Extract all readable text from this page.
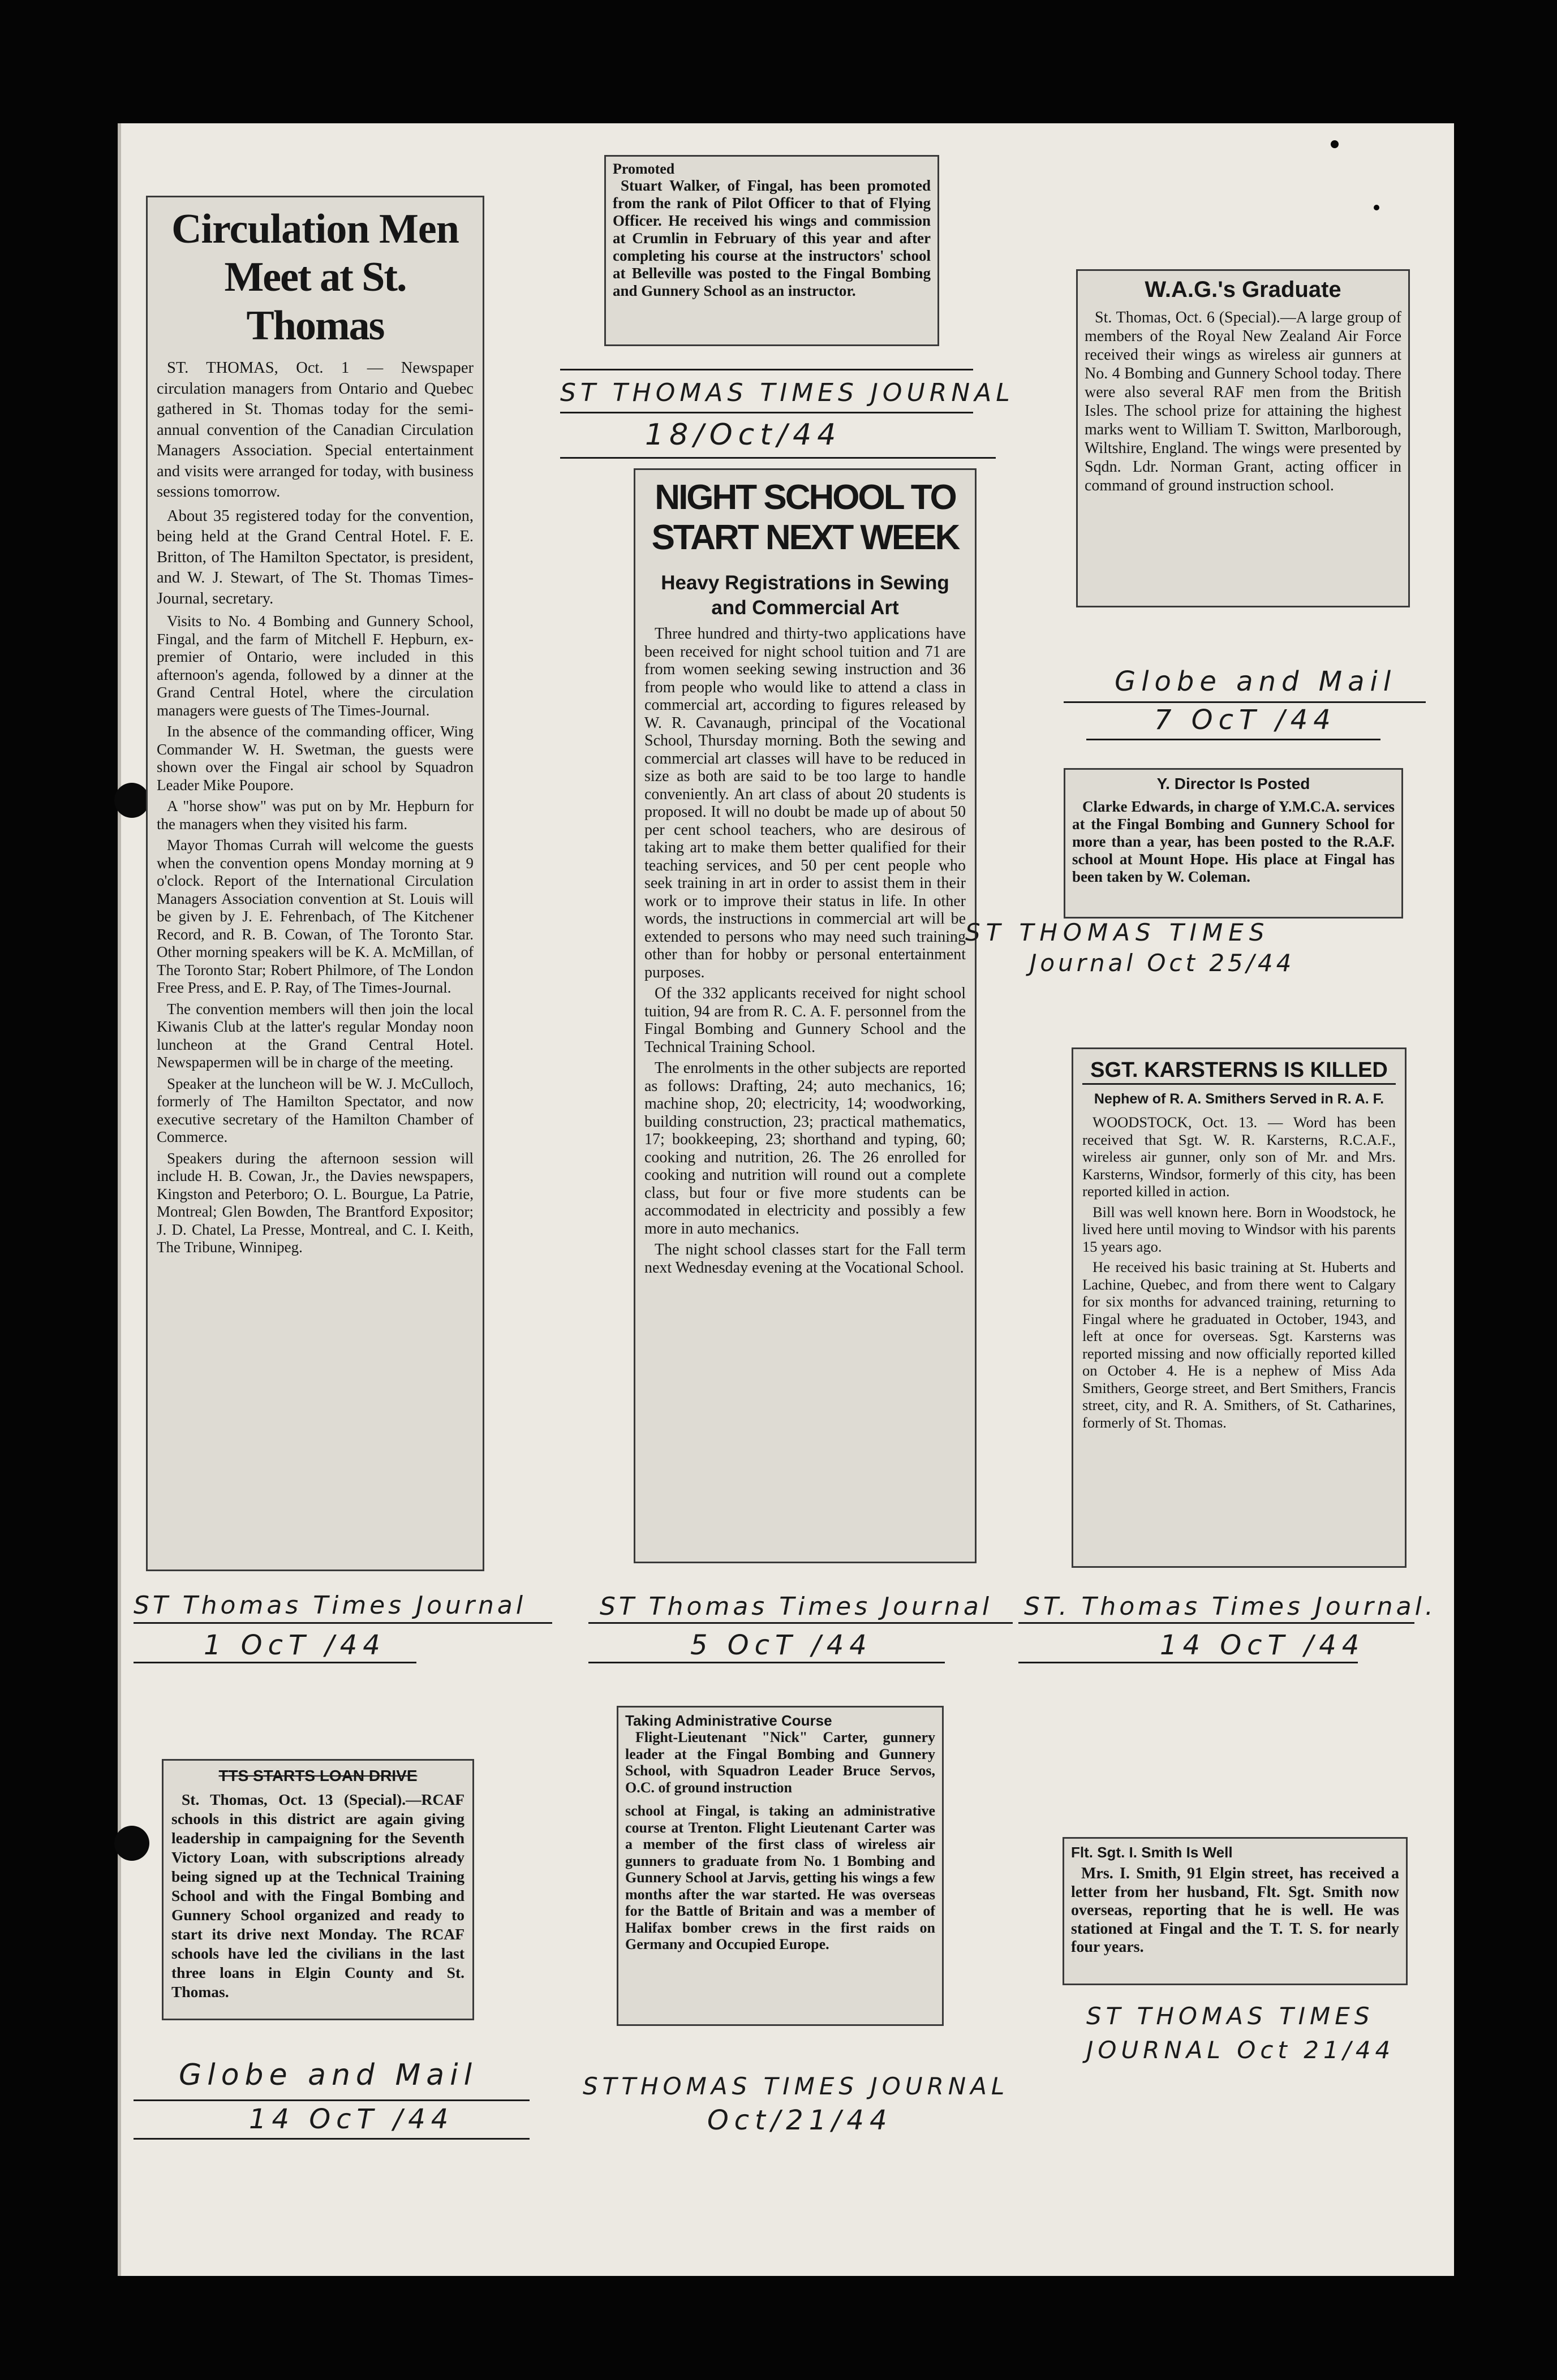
Circulation Men
Meet at St. Thomas

ST. THOMAS, Oct. 1 — Newspaper circulation managers from Ontario and Quebec gathered in St. Thomas today for the semi-annual convention of the Canadian Circulation Managers Association. Special entertainment and visits were arranged for today, with business sessions tomorrow.

About 35 registered today for the convention, being held at the Grand Central Hotel. F. E. Britton, of The Hamilton Spectator, is president, and W. J. Stewart, of The St. Thomas Times-Journal, secretary.

Visits to No. 4 Bombing and Gunnery School, Fingal, and the farm of Mitchell F. Hepburn, ex-premier of Ontario, were included in this afternoon's agenda, followed by a dinner at the Grand Central Hotel, where the circulation managers were guests of The Times-Journal.

In the absence of the commanding officer, Wing Commander W. H. Swetman, the guests were shown over the Fingal air school by Squadron Leader Mike Poupore.

A "horse show" was put on by Mr. Hepburn for the managers when they visited his farm.

Mayor Thomas Currah will welcome the guests when the convention opens Monday morning at 9 o'clock. Report of the International Circulation Managers Association convention at St. Louis will be given by J. E. Fehrenbach, of The Kitchener Record, and R. B. Cowan, of The Toronto Star. Other morning speakers will be K. A. McMillan, of The Toronto Star; Robert Philmore, of The London Free Press, and E. P. Ray, of The Times-Journal.

The convention members will then join the local Kiwanis Club at the latter's regular Monday noon luncheon at the Grand Central Hotel. Newspapermen will be in charge of the meeting.

Speaker at the luncheon will be W. J. McCulloch, formerly of The Hamilton Spectator, and now executive secretary of the Hamilton Chamber of Commerce.

Speakers during the afternoon session will include H. B. Cowan, Jr., the Davies newspapers, Kingston and Peterboro; O. L. Bourgue, La Patrie, Montreal; Glen Bowden, The Brantford Expositor; J. D. Chatel, La Presse, Montreal, and C. I. Keith, The Tribune, Winnipeg.

ST Thomas Times Journal
1 OcT /44
Promoted

Stuart Walker, of Fingal, has been promoted from the rank of Pilot Officer to that of Flying Officer. He received his wings and commission at Crumlin in February of this year and after completing his course at the instructors' school at Belleville was posted to the Fingal Bombing and Gunnery School as an instructor.

ST THOMAS TIMES JOURNAL
18/Oct/44
NIGHT SCHOOL TO
START NEXT WEEK
Heavy Registrations in Sewing and Commercial Art

Three hundred and thirty-two applications have been received for night school tuition and 71 are from women seeking sewing instruction and 36 from people who would like to attend a class in commercial art, according to figures released by W. R. Cavanaugh, principal of the Vocational School, Thursday morning. Both the sewing and commercial art classes will have to be reduced in size as both are said to be too large to handle conveniently. An art class of about 20 students is proposed. It will no doubt be made up of about 50 per cent school teachers, who are desirous of taking art to make them better qualified for their teaching services, and 50 per cent people who seek training in art in order to assist them in their work or to improve their status in life. In other words, the instructions in commercial art will be extended to persons who may need such training other than for hobby or personal entertainment purposes.

Of the 332 applicants received for night school tuition, 94 are from R. C. A. F. personnel from the Fingal Bombing and Gunnery School and the Technical Training School.

The enrolments in the other subjects are reported as follows: Drafting, 24; auto mechanics, 16; machine shop, 20; electricity, 14; woodworking, building construction, 23; practical mathematics, 17; bookkeeping, 23; shorthand and typing, 60; cooking and nutrition, 26. The 26 enrolled for cooking and nutrition will round out a complete class, but four or five more students can be accommodated in electricity and possibly a few more in auto mechanics.

The night school classes start for the Fall term next Wednesday evening at the Vocational School.

ST Thomas Times Journal
5 OcT /44
W.A.G.'s Graduate

St. Thomas, Oct. 6 (Special).—A large group of members of the Royal New Zealand Air Force received their wings as wireless air gunners at No. 4 Bombing and Gunnery School today. There were also several RAF men from the British Isles. The school prize for attaining the highest marks went to William T. Switton, Marlborough, Wiltshire, England. The wings were presented by Sqdn. Ldr. Norman Grant, acting officer in command of ground instruction school.

Globe and Mail
7 OcT /44
Y. Director Is Posted

Clarke Edwards, in charge of Y.M.C.A. services at the Fingal Bombing and Gunnery School for more than a year, has been posted to the R.A.F. school at Mount Hope. His place at Fingal has been taken by W. Coleman.

ST THOMAS TIMES
Journal Oct 25/44
SGT. KARSTERNS IS KILLED
Nephew of R. A. Smithers Served in R. A. F.

WOODSTOCK, Oct. 13. — Word has been received that Sgt. W. R. Karsterns, R.C.A.F., wireless air gunner, only son of Mr. and Mrs. Karsterns, Windsor, formerly of this city, has been reported killed in action.

Bill was well known here. Born in Woodstock, he lived here until moving to Windsor with his parents 15 years ago.

He received his basic training at St. Huberts and Lachine, Quebec, and from there went to Calgary for six months for advanced training, returning to Fingal where he graduated in October, 1943, and left at once for overseas. Sgt. Karsterns was reported missing and now officially reported killed on October 4. He is a nephew of Miss Ada Smithers, George street, and Bert Smithers, Francis street, city, and R. A. Smithers, of St. Catharines, formerly of St. Thomas.

ST. Thomas Times Journal.
14 OcT /44
TTS STARTS LOAN DRIVE

St. Thomas, Oct. 13 (Special).—RCAF schools in this district are again giving leadership in campaigning for the Seventh Victory Loan, with subscriptions already being signed up at the Technical Training School and with the Fingal Bombing and Gunnery School organized and ready to start its drive next Monday. The RCAF schools have led the civilians in the last three loans in Elgin County and St. Thomas.

Globe and Mail
14 OcT /44
Taking Administrative Course

Flight-Lieutenant "Nick" Carter, gunnery leader at the Fingal Bombing and Gunnery School, with Squadron Leader Bruce Servos, O.C. of ground instruction

school at Fingal, is taking an administrative course at Trenton. Flight Lieutenant Carter was a member of the first class of wireless air gunners to graduate from No. 1 Bombing and Gunnery School at Jarvis, getting his wings a few months after the war started. He was overseas for the Battle of Britain and was a member of Halifax bomber crews in the first raids on Germany and Occupied Europe.

STTHOMAS TIMES JOURNAL
Oct/21/44
Flt. Sgt. I. Smith Is Well

Mrs. I. Smith, 91 Elgin street, has received a letter from her husband, Flt. Sgt. Smith now overseas, reporting that he is well. He was stationed at Fingal and the T. T. S. for nearly four years.

ST THOMAS TIMES
JOURNAL Oct 21/44
